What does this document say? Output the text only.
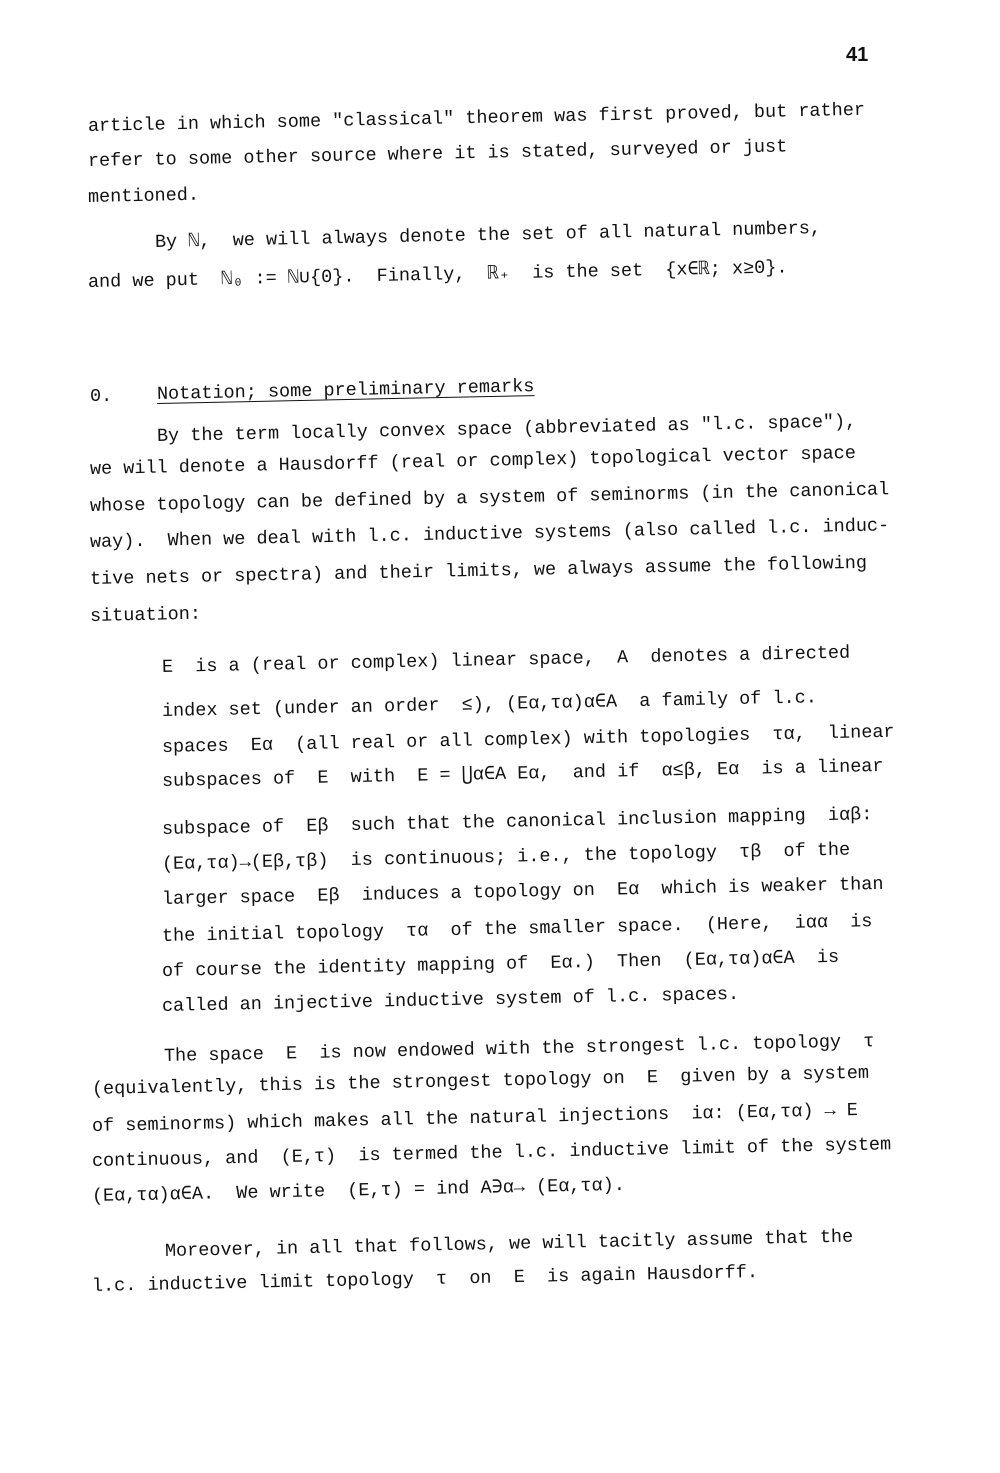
41
article in which some "classical" theorem was first proved, but rather
refer to some other source where it is stated, surveyed or just
mentioned.
By ℕ,  we will always denote the set of all natural numbers,
and we put  ℕ₀ := ℕ∪{0}.  Finally,  ℝ₊  is the set  {x∈ℝ; x≥0}.
0. Notation; some preliminary remarks
By the term locally convex space (abbreviated as "l.c. space"),
we will denote a Hausdorff (real or complex) topological vector space
whose topology can be defined by a system of seminorms (in the canonical
way).  When we deal with l.c. inductive systems (also called l.c. induc-
tive nets or spectra) and their limits, we always assume the following
situation:
E  is a (real or complex) linear space,  A  denotes a directed
index set (under an order  ≤), (Eα,τα)α∈A  a family of l.c.
spaces  Eα  (all real or all complex) with topologies  τα,  linear
subspaces of  E  with  E = ⋃α∈A Eα,  and if  α≤β, Eα  is a linear
subspace of  Eβ  such that the canonical inclusion mapping  iαβ:
(Eα,τα)→(Eβ,τβ)  is continuous; i.e., the topology  τβ  of the
larger space  Eβ  induces a topology on  Eα  which is weaker than
the initial topology  τα  of the smaller space.  (Here,  iαα  is
of course the identity mapping of  Eα.)  Then  (Eα,τα)α∈A  is
called an injective inductive system of l.c. spaces.
The space  E  is now endowed with the strongest l.c. topology  τ
(equivalently, this is the strongest topology on  E  given by a system
of seminorms) which makes all the natural injections  iα: (Eα,τα) → E
continuous, and  (E,τ)  is termed the l.c. inductive limit of the system
(Eα,τα)α∈A.  We write  (E,τ) = ind A∋α→ (Eα,τα).
Moreover, in all that follows, we will tacitly assume that the
l.c. inductive limit topology  τ  on  E  is again Hausdorff.
